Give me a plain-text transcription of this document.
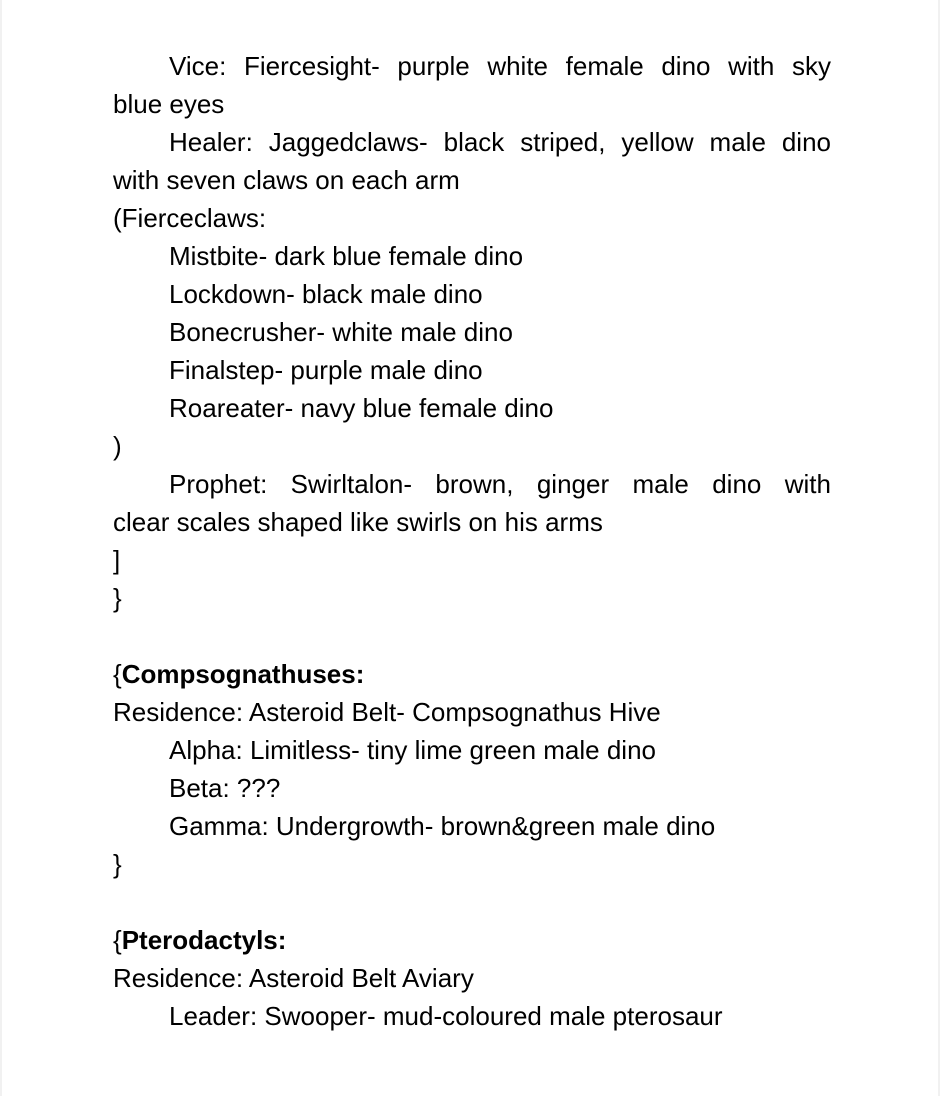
Vice: Fiercesight- purple white female dino with sky
blue eyes
Healer: Jaggedclaws- black striped, yellow male dino
with seven claws on each arm
(Fierceclaws:
Mistbite- dark blue female dino
Lockdown- black male dino
Bonecrusher- white male dino
Finalstep- purple male dino
Roareater- navy blue female dino
)
Prophet: Swirltalon- brown, ginger male dino with
clear scales shaped like swirls on his arms
]
}
{Compsognathuses:
Residence: Asteroid Belt- Compsognathus Hive
Alpha: Limitless- tiny lime green male dino
Beta: ???
Gamma: Undergrowth- brown&green male dino
}
{Pterodactyls:
Residence: Asteroid Belt Aviary
Leader: Swooper- mud-coloured male pterosaur
